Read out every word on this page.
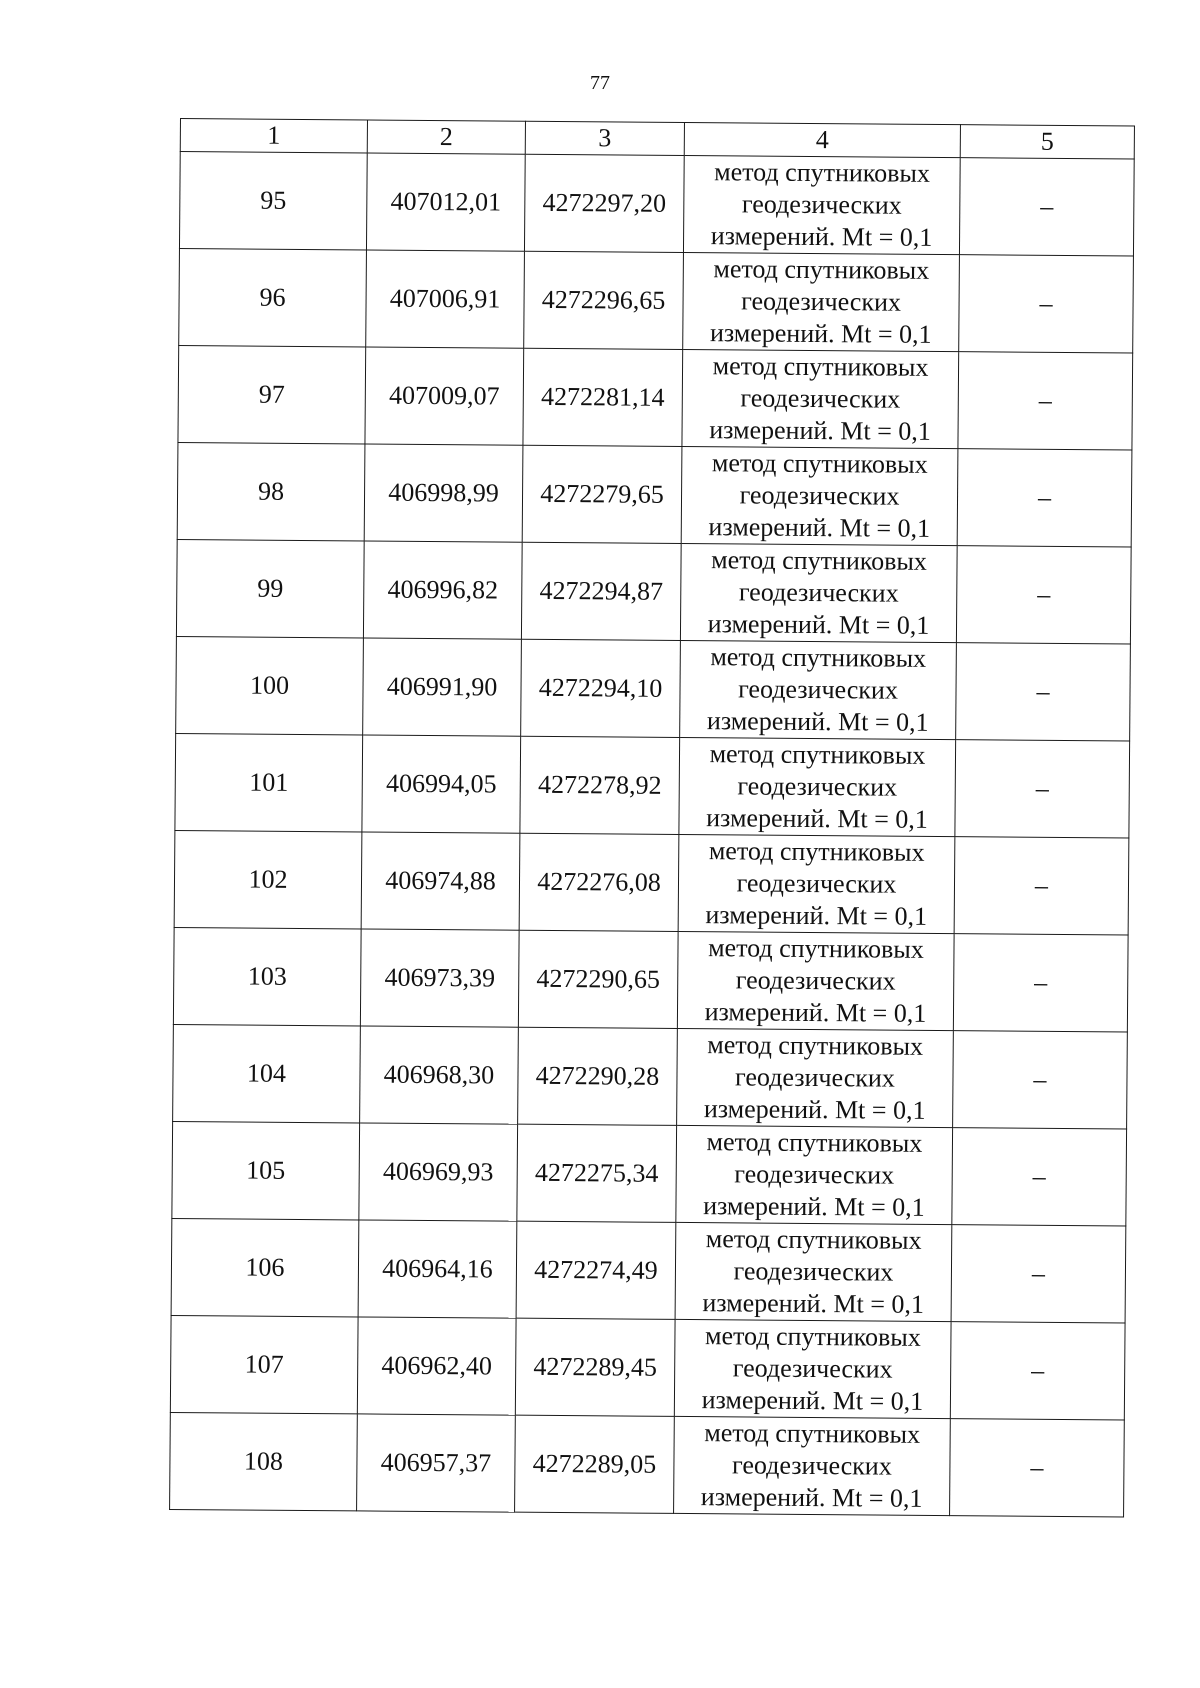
77
1	2	3	4	5
95	407012,01	4272297,20	метод спутниковых геодезических измерений. Mt = 0,1	–
96	407006,91	4272296,65	метод спутниковых геодезических измерений. Mt = 0,1	–
97	407009,07	4272281,14	метод спутниковых геодезических измерений. Mt = 0,1	–
98	406998,99	4272279,65	метод спутниковых геодезических измерений. Mt = 0,1	–
99	406996,82	4272294,87	метод спутниковых геодезических измерений. Mt = 0,1	–
100	406991,90	4272294,10	метод спутниковых геодезических измерений. Mt = 0,1	–
101	406994,05	4272278,92	метод спутниковых геодезических измерений. Mt = 0,1	–
102	406974,88	4272276,08	метод спутниковых геодезических измерений. Mt = 0,1	–
103	406973,39	4272290,65	метод спутниковых геодезических измерений. Mt = 0,1	–
104	406968,30	4272290,28	метод спутниковых геодезических измерений. Mt = 0,1	–
105	406969,93	4272275,34	метод спутниковых геодезических измерений. Mt = 0,1	–
106	406964,16	4272274,49	метод спутниковых геодезических измерений. Mt = 0,1	–
107	406962,40	4272289,45	метод спутниковых геодезических измерений. Mt = 0,1	–
108	406957,37	4272289,05	метод спутниковых геодезических измерений. Mt = 0,1	–
